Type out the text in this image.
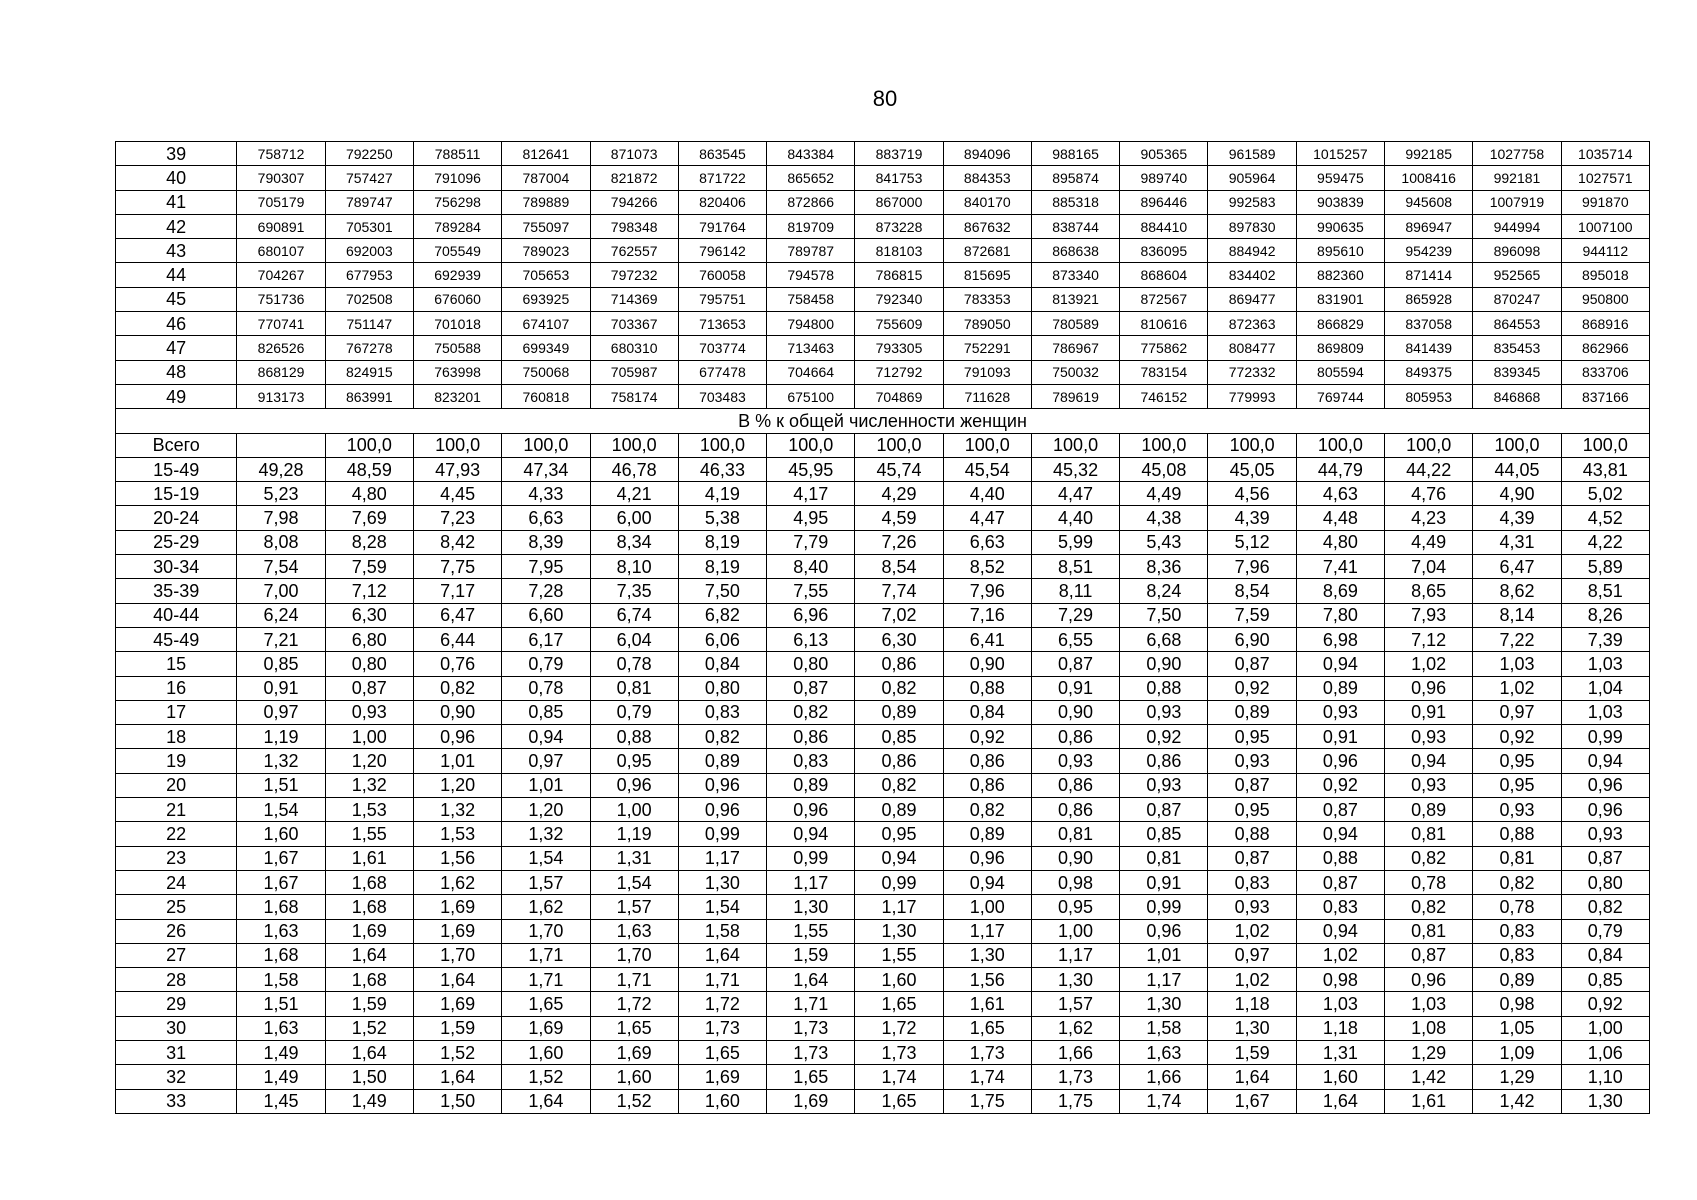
80
39	758712	792250	788511	812641	871073	863545	843384	883719	894096	988165	905365	961589	1015257	992185	1027758	1035714
40	790307	757427	791096	787004	821872	871722	865652	841753	884353	895874	989740	905964	959475	1008416	992181	1027571
41	705179	789747	756298	789889	794266	820406	872866	867000	840170	885318	896446	992583	903839	945608	1007919	991870
42	690891	705301	789284	755097	798348	791764	819709	873228	867632	838744	884410	897830	990635	896947	944994	1007100
43	680107	692003	705549	789023	762557	796142	789787	818103	872681	868638	836095	884942	895610	954239	896098	944112
44	704267	677953	692939	705653	797232	760058	794578	786815	815695	873340	868604	834402	882360	871414	952565	895018
45	751736	702508	676060	693925	714369	795751	758458	792340	783353	813921	872567	869477	831901	865928	870247	950800
46	770741	751147	701018	674107	703367	713653	794800	755609	789050	780589	810616	872363	866829	837058	864553	868916
47	826526	767278	750588	699349	680310	703774	713463	793305	752291	786967	775862	808477	869809	841439	835453	862966
48	868129	824915	763998	750068	705987	677478	704664	712792	791093	750032	783154	772332	805594	849375	839345	833706
49	913173	863991	823201	760818	758174	703483	675100	704869	711628	789619	746152	779993	769744	805953	846868	837166
В % к общей численности женщин																
Всего		100,0	100,0	100,0	100,0	100,0	100,0	100,0	100,0	100,0	100,0	100,0	100,0	100,0	100,0	100,0
15-49	49,28	48,59	47,93	47,34	46,78	46,33	45,95	45,74	45,54	45,32	45,08	45,05	44,79	44,22	44,05	43,81
15-19	5,23	4,80	4,45	4,33	4,21	4,19	4,17	4,29	4,40	4,47	4,49	4,56	4,63	4,76	4,90	5,02
20-24	7,98	7,69	7,23	6,63	6,00	5,38	4,95	4,59	4,47	4,40	4,38	4,39	4,48	4,23	4,39	4,52
25-29	8,08	8,28	8,42	8,39	8,34	8,19	7,79	7,26	6,63	5,99	5,43	5,12	4,80	4,49	4,31	4,22
30-34	7,54	7,59	7,75	7,95	8,10	8,19	8,40	8,54	8,52	8,51	8,36	7,96	7,41	7,04	6,47	5,89
35-39	7,00	7,12	7,17	7,28	7,35	7,50	7,55	7,74	7,96	8,11	8,24	8,54	8,69	8,65	8,62	8,51
40-44	6,24	6,30	6,47	6,60	6,74	6,82	6,96	7,02	7,16	7,29	7,50	7,59	7,80	7,93	8,14	8,26
45-49	7,21	6,80	6,44	6,17	6,04	6,06	6,13	6,30	6,41	6,55	6,68	6,90	6,98	7,12	7,22	7,39
15	0,85	0,80	0,76	0,79	0,78	0,84	0,80	0,86	0,90	0,87	0,90	0,87	0,94	1,02	1,03	1,03
16	0,91	0,87	0,82	0,78	0,81	0,80	0,87	0,82	0,88	0,91	0,88	0,92	0,89	0,96	1,02	1,04
17	0,97	0,93	0,90	0,85	0,79	0,83	0,82	0,89	0,84	0,90	0,93	0,89	0,93	0,91	0,97	1,03
18	1,19	1,00	0,96	0,94	0,88	0,82	0,86	0,85	0,92	0,86	0,92	0,95	0,91	0,93	0,92	0,99
19	1,32	1,20	1,01	0,97	0,95	0,89	0,83	0,86	0,86	0,93	0,86	0,93	0,96	0,94	0,95	0,94
20	1,51	1,32	1,20	1,01	0,96	0,96	0,89	0,82	0,86	0,86	0,93	0,87	0,92	0,93	0,95	0,96
21	1,54	1,53	1,32	1,20	1,00	0,96	0,96	0,89	0,82	0,86	0,87	0,95	0,87	0,89	0,93	0,96
22	1,60	1,55	1,53	1,32	1,19	0,99	0,94	0,95	0,89	0,81	0,85	0,88	0,94	0,81	0,88	0,93
23	1,67	1,61	1,56	1,54	1,31	1,17	0,99	0,94	0,96	0,90	0,81	0,87	0,88	0,82	0,81	0,87
24	1,67	1,68	1,62	1,57	1,54	1,30	1,17	0,99	0,94	0,98	0,91	0,83	0,87	0,78	0,82	0,80
25	1,68	1,68	1,69	1,62	1,57	1,54	1,30	1,17	1,00	0,95	0,99	0,93	0,83	0,82	0,78	0,82
26	1,63	1,69	1,69	1,70	1,63	1,58	1,55	1,30	1,17	1,00	0,96	1,02	0,94	0,81	0,83	0,79
27	1,68	1,64	1,70	1,71	1,70	1,64	1,59	1,55	1,30	1,17	1,01	0,97	1,02	0,87	0,83	0,84
28	1,58	1,68	1,64	1,71	1,71	1,71	1,64	1,60	1,56	1,30	1,17	1,02	0,98	0,96	0,89	0,85
29	1,51	1,59	1,69	1,65	1,72	1,72	1,71	1,65	1,61	1,57	1,30	1,18	1,03	1,03	0,98	0,92
30	1,63	1,52	1,59	1,69	1,65	1,73	1,73	1,72	1,65	1,62	1,58	1,30	1,18	1,08	1,05	1,00
31	1,49	1,64	1,52	1,60	1,69	1,65	1,73	1,73	1,73	1,66	1,63	1,59	1,31	1,29	1,09	1,06
32	1,49	1,50	1,64	1,52	1,60	1,69	1,65	1,74	1,74	1,73	1,66	1,64	1,60	1,42	1,29	1,10
33	1,45	1,49	1,50	1,64	1,52	1,60	1,69	1,65	1,75	1,75	1,74	1,67	1,64	1,61	1,42	1,30
